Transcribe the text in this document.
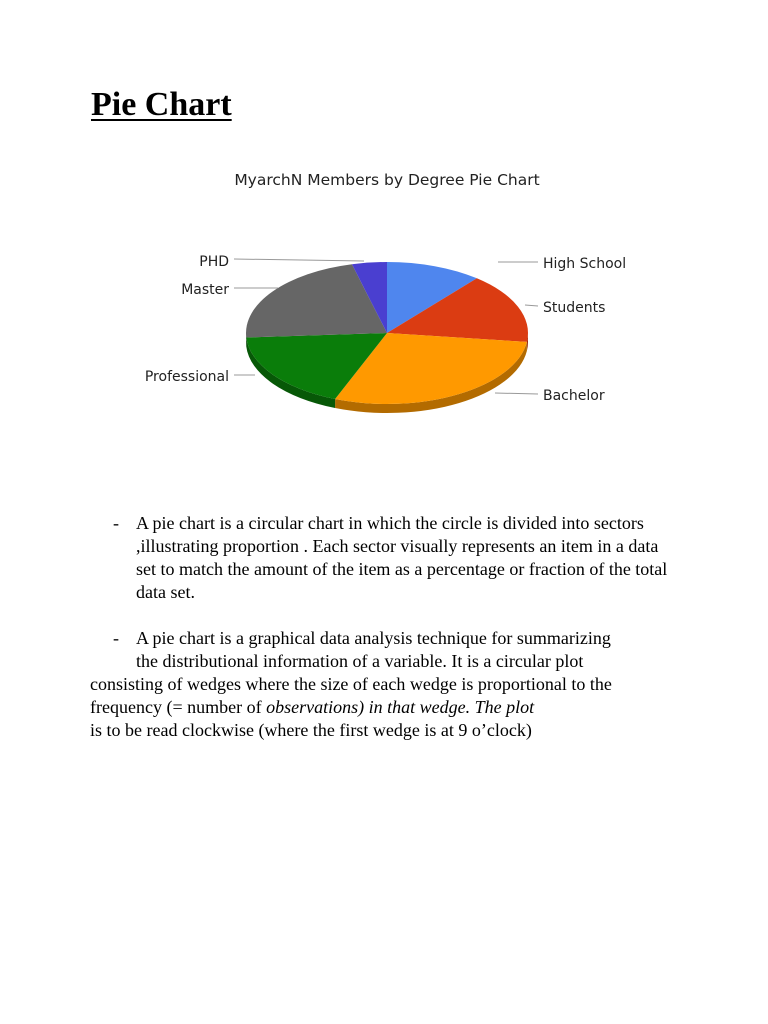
Pie Chart
MyarchN Members by Degree Pie Chart
High School
Students
Bachelor
Professional
Master
PHD
- A pie chart is a circular chart in which the circle is divided into sectors ,illustrating proportion . Each sector visually represents an item in a data set to match the amount of the item as a percentage or fraction of the total data set.
- A pie chart is a graphical data analysis technique for summarizing
the distributional information of a variable. It is a circular plot
consisting of wedges where the size of each wedge is proportional to the
frequency (= number of observations) in that wedge. The plot
is to be read clockwise (where the first wedge is at 9 o’clock)
